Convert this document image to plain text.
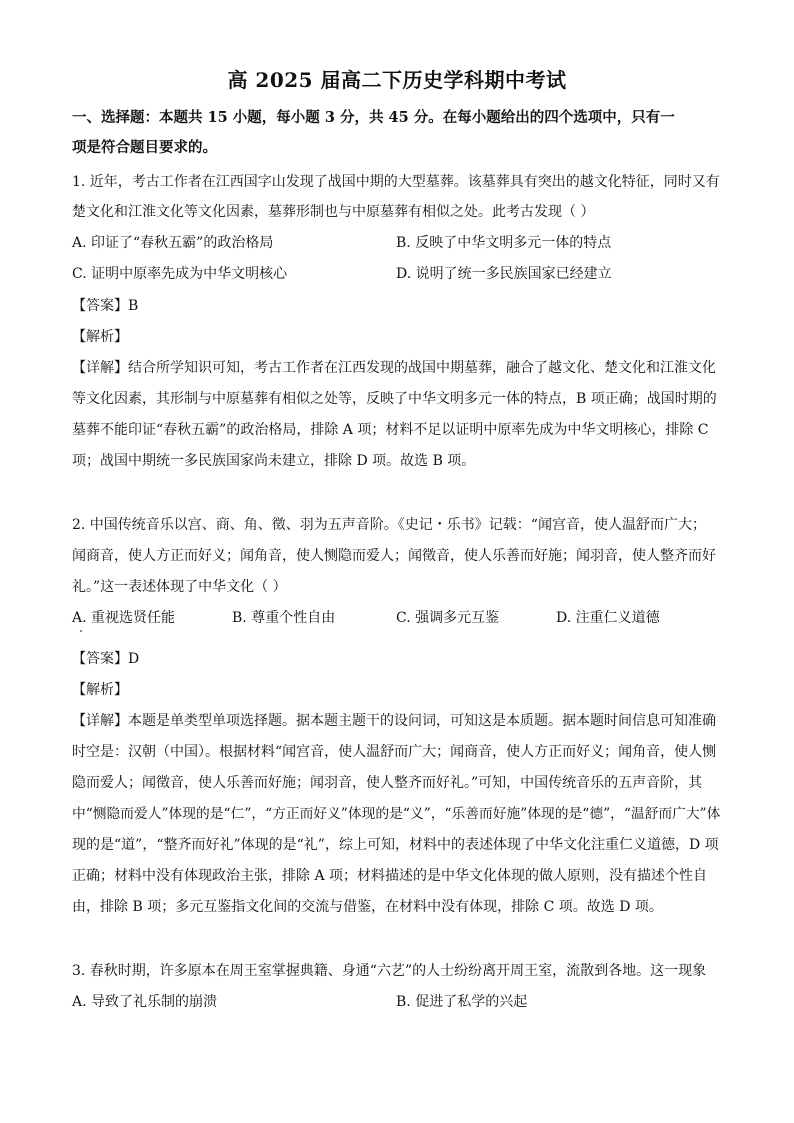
高 2025 届高二下历史学科期中考试
一、选择题：本题共 15 小题，每小题 3 分，共 45 分。在每小题给出的四个选项中，只有一
项是符合题目要求的。
1. 近年，考古工作者在江西国字山发现了战国中期的大型墓葬。该墓葬具有突出的越文化特征，同时又有
楚文化和江淮文化等文化因素，墓葬形制也与中原墓葬有相似之处。此考古发现（ ）
A. 印证了“春秋五霸”的政治格局	B. 反映了中华文明多元一体的特点
C. 证明中原率先成为中华文明核心	D. 说明了统一多民族国家已经建立
【答案】B
【解析】
【详解】结合所学知识可知，考古工作者在江西发现的战国中期墓葬，融合了越文化、楚文化和江淮文化
等文化因素，其形制与中原墓葬有相似之处等，反映了中华文明多元一体的特点，B 项正确；战国时期的
墓葬不能印证“春秋五霸”的政治格局，排除 A 项；材料不足以证明中原率先成为中华文明核心，排除 C
项；战国中期统一多民族国家尚未建立，排除 D 项。故选 B 项。
2. 中国传统音乐以宫、商、角、徵、羽为五声音阶。《史记・乐书》记载：“闻宫音，使人温舒而广大；
闻商音，使人方正而好义；闻角音，使人恻隐而爱人；闻徵音，使人乐善而好施；闻羽音，使人整齐而好
礼。”这一表述体现了中华文化（ ）
A. 重视选贤任能	B. 尊重个性自由	C. 强调多元互鉴	D. 注重仁义道德
【答案】D
【解析】
【详解】本题是单类型单项选择题。据本题主题干的设问词，可知这是本质题。据本题时间信息可知准确
时空是：汉朝（中国）。根据材料“闻宫音，使人温舒而广大；闻商音，使人方正而好义；闻角音，使人恻
隐而爱人；闻徵音，使人乐善而好施；闻羽音，使人整齐而好礼。”可知，中国传统音乐的五声音阶，其
中“恻隐而爱人”体现的是“仁”，“方正而好义”体现的是“义”，“乐善而好施”体现的是“德”，“温舒而广大”体
现的是“道”，“整齐而好礼”体现的是“礼”，综上可知，材料中的表述体现了中华文化注重仁义道德，D 项
正确；材料中没有体现政治主张，排除 A 项；材料描述的是中华文化体现的做人原则，没有描述个性自
由，排除 B 项；多元互鉴指文化间的交流与借鉴，在材料中没有体现，排除 C 项。故选 D 项。
3. 春秋时期，许多原本在周王室掌握典籍、身通“六艺”的人士纷纷离开周王室，流散到各地。这一现象
A. 导致了礼乐制的崩溃	B. 促进了私学的兴起
